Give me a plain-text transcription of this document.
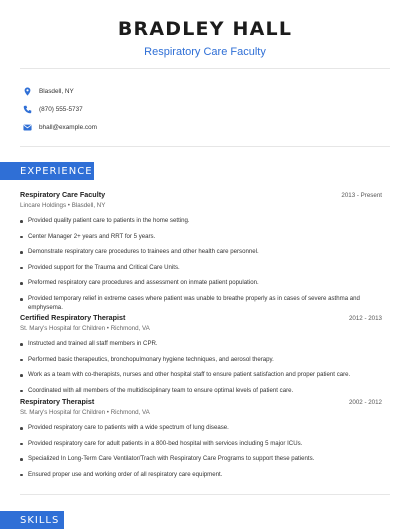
BRADLEY HALL
Respiratory Care Faculty
Blasdell, NY
(870) 555-5737
bhall@example.com
EXPERIENCE
Respiratory Care Faculty	2013 - Present
Lincare Holdings • Blasdell, NY
Provided quality patient care to patients in the home setting.
Center Manager 2+ years and RRT for 5 years.
Demonstrate respiratory care procedures to trainees and other health care personnel.
Provided support for the Trauma and Critical Care Units.
Preformed respiratory care procedures and assessment on inmate patient population.
Provided temporary relief in extreme cases where patient was unable to breathe properly as in cases of severe asthma and emphysema.
Certified Respiratory Therapist	2012 - 2013
St. Mary's Hospital for Children • Richmond, VA
Instructed and trained all staff members in CPR.
Performed basic therapeutics, bronchopulmonary hygiene techniques, and aerosol therapy.
Work as a team with co-therapists, nurses and other hospital staff to ensure patient satisfaction and proper patient care.
Coordinated with all members of the multidisciplinary team to ensure optimal levels of patient care.
Respiratory Therapist	2002 - 2012
St. Mary's Hospital for Children • Richmond, VA
Provided respiratory care to patients with a wide spectrum of lung disease.
Provided respiratory care for adult patients in a 800-bed hospital with services including 5 major ICUs.
Specialized In Long-Term Care Ventilator/Trach with Respiratory Care Programs to support these patients.
Ensured proper use and working order of all respiratory care equipment.
SKILLS
